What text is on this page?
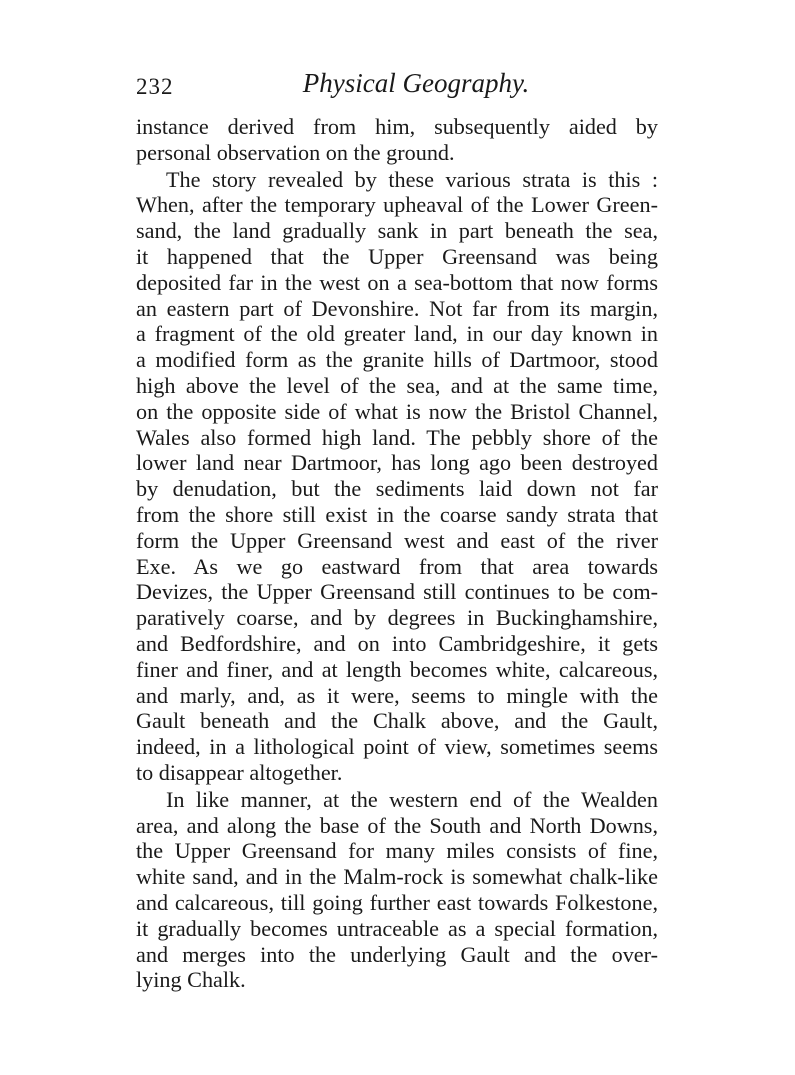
232	Physical Geography.
instance derived from him, subsequently aided by
personal observation on the ground.
The story revealed by these various strata is this :
When, after the temporary upheaval of the Lower Green-
sand, the land gradually sank in part beneath the sea,
it happened that the Upper Greensand was being
deposited far in the west on a sea-bottom that now forms
an eastern part of Devonshire. Not far from its margin,
a fragment of the old greater land, in our day known in
a modified form as the granite hills of Dartmoor, stood
high above the level of the sea, and at the same time,
on the opposite side of what is now the Bristol Channel,
Wales also formed high land. The pebbly shore of the
lower land near Dartmoor, has long ago been destroyed
by denudation, but the sediments laid down not far
from the shore still exist in the coarse sandy strata that
form the Upper Greensand west and east of the river
Exe. As we go eastward from that area towards
Devizes, the Upper Greensand still continues to be com-
paratively coarse, and by degrees in Buckinghamshire,
and Bedfordshire, and on into Cambridgeshire, it gets
finer and finer, and at length becomes white, calcareous,
and marly, and, as it were, seems to mingle with the
Gault beneath and the Chalk above, and the Gault,
indeed, in a lithological point of view, sometimes seems
to disappear altogether.
In like manner, at the western end of the Wealden
area, and along the base of the South and North Downs,
the Upper Greensand for many miles consists of fine,
white sand, and in the Malm-rock is somewhat chalk-like
and calcareous, till going further east towards Folkestone,
it gradually becomes untraceable as a special formation,
and merges into the underlying Gault and the over-
lying Chalk.
